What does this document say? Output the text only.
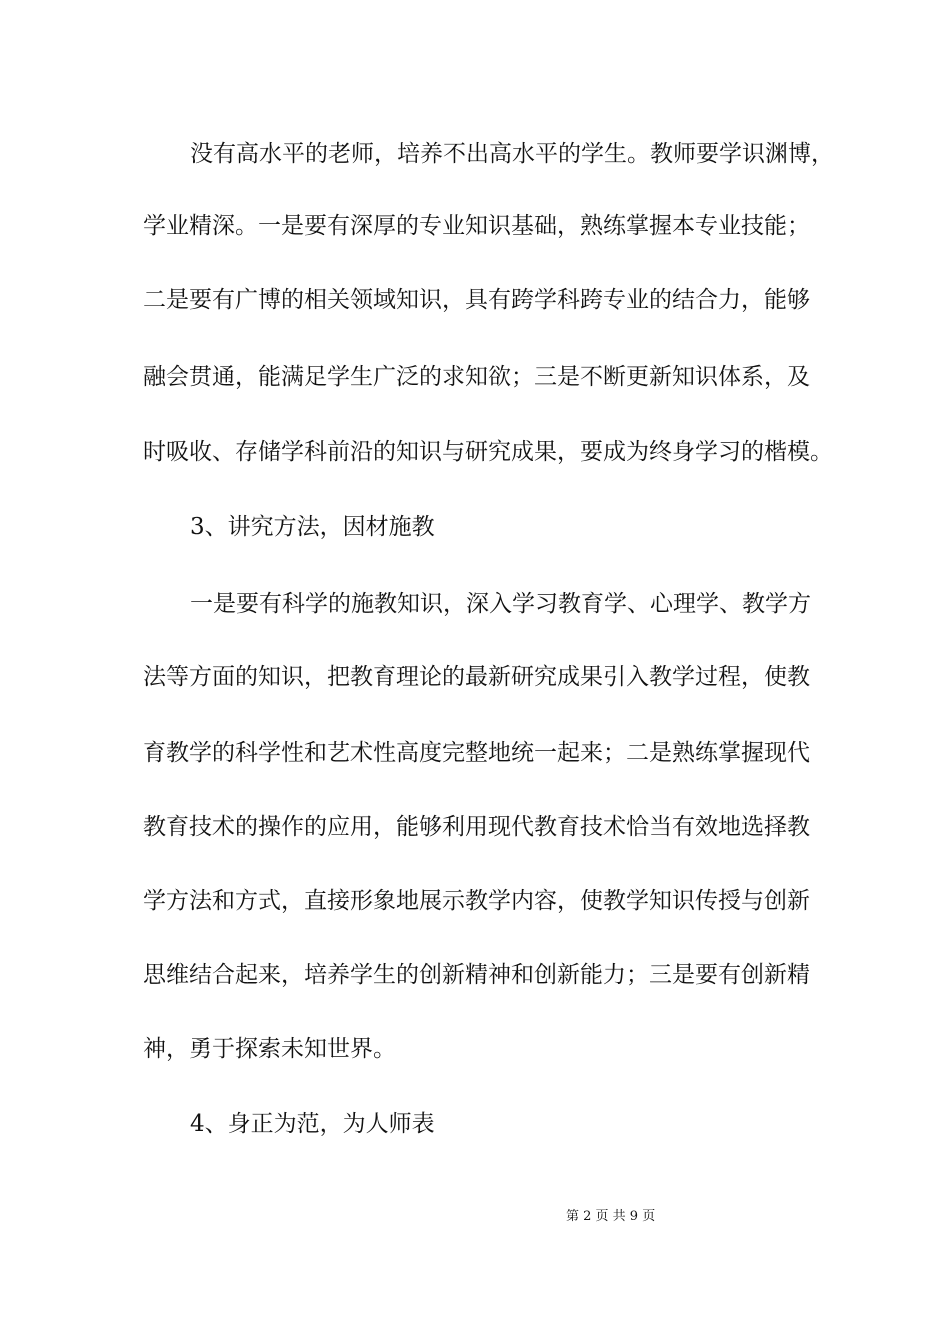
没有高水平的老师，培养不出高水平的学生。教师要学识渊博，
学业精深。一是要有深厚的专业知识基础，熟练掌握本专业技能；
二是要有广博的相关领域知识，具有跨学科跨专业的结合力，能够
融会贯通，能满足学生广泛的求知欲；三是不断更新知识体系，及
时吸收、存储学科前沿的知识与研究成果，要成为终身学习的楷模。
3、讲究方法，因材施教
一是要有科学的施教知识，深入学习教育学、心理学、教学方
法等方面的知识，把教育理论的最新研究成果引入教学过程，使教
育教学的科学性和艺术性高度完整地统一起来；二是熟练掌握现代
教育技术的操作的应用，能够利用现代教育技术恰当有效地选择教
学方法和方式，直接形象地展示教学内容，使教学知识传授与创新
思维结合起来，培养学生的创新精神和创新能力；三是要有创新精
神，勇于探索未知世界。
4、身正为范，为人师表
第 2 页 共 9 页
